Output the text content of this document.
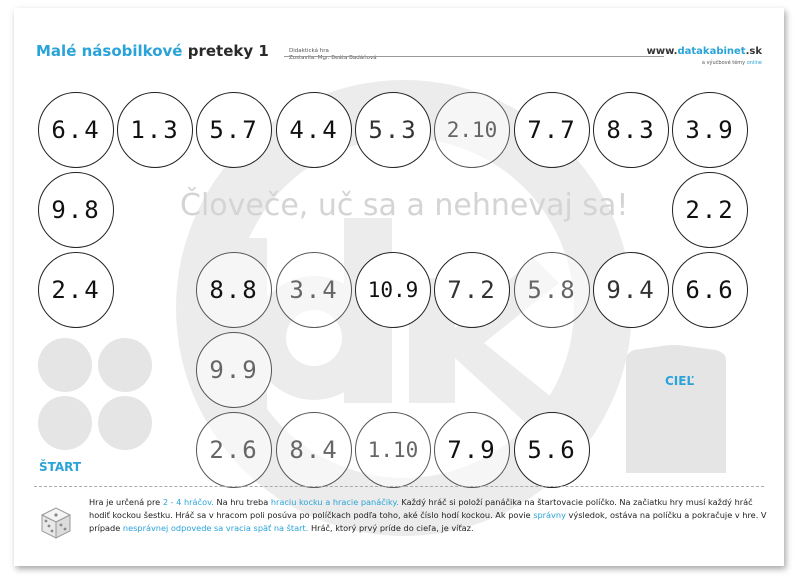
Malé násobilkové preteky 1	Didaktická hra
Zostavila: Mgr. Beáta Badáňová
www.datakabinet.sk
a výučbové témy online
Človeče, uč sa a nehnevaj sa!
ŠTART
CIEĽ
6.4	1.3	5.7	4.4	5.3	2.10	7.7	8.3	3.9
9.8
2.4
2.2
6.6
8.8	3.4	10.9	7.2	5.8	9.4
9.9
2.6	8.4	1.10	7.9	5.6
Hra je určená pre 2 - 4 hráčov. Na hru treba hraciu kocku a hracie panáčiky. Každý hráč si položí panáčika na štartovacie políčko. Na začiatku hry musí každý hráč hodiť kockou šestku. Hráč sa v hracom poli posúva po políčkach podľa toho, aké číslo hodí kockou. Ak povie správny výsledok, ostáva na políčku a pokračuje v hre. V prípade nesprávnej odpovede sa vracia späť na štart. Hráč, ktorý prvý príde do cieľa, je víťaz.
